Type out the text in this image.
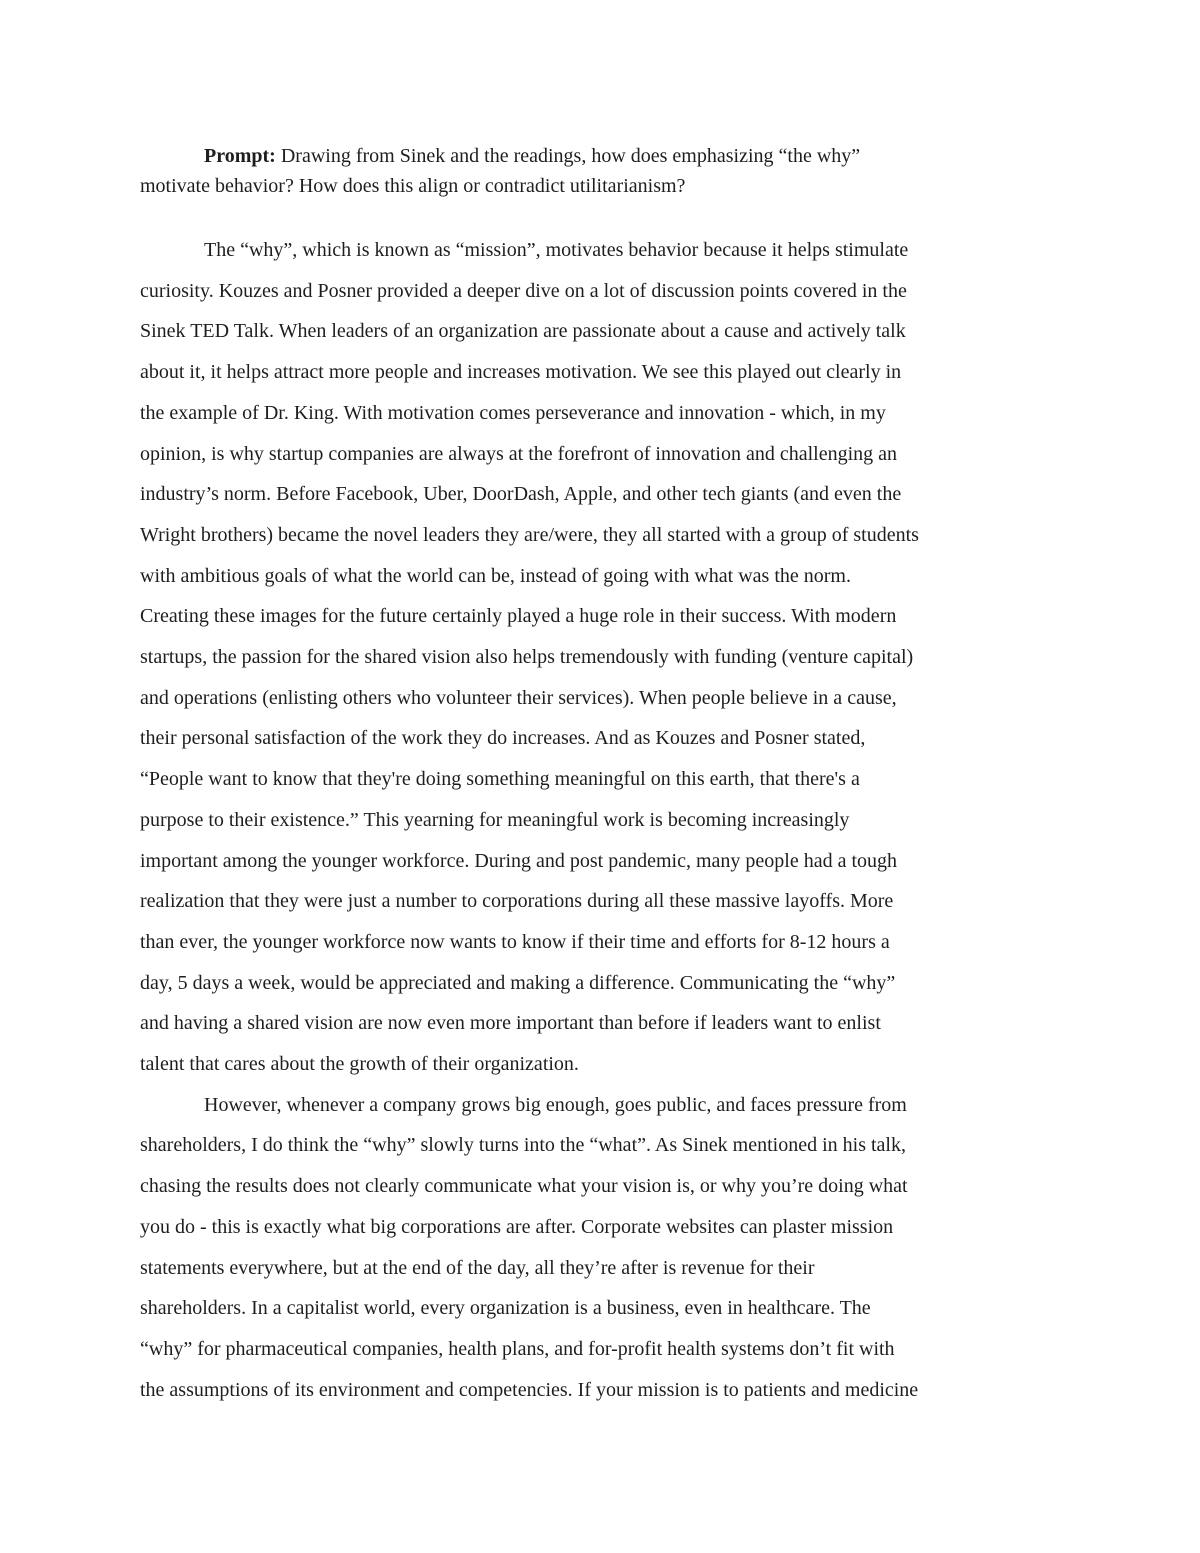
Prompt: Drawing from Sinek and the readings, how does emphasizing “the why”
motivate behavior? How does this align or contradict utilitarianism?
The “why”, which is known as “mission”, motivates behavior because it helps stimulate
curiosity. Kouzes and Posner provided a deeper dive on a lot of discussion points covered in the
Sinek TED Talk. When leaders of an organization are passionate about a cause and actively talk
about it, it helps attract more people and increases motivation. We see this played out clearly in
the example of Dr. King. With motivation comes perseverance and innovation - which, in my
opinion, is why startup companies are always at the forefront of innovation and challenging an
industry’s norm. Before Facebook, Uber, DoorDash, Apple, and other tech giants (and even the
Wright brothers) became the novel leaders they are/were, they all started with a group of students
with ambitious goals of what the world can be, instead of going with what was the norm.
Creating these images for the future certainly played a huge role in their success. With modern
startups, the passion for the shared vision also helps tremendously with funding (venture capital)
and operations (enlisting others who volunteer their services). When people believe in a cause,
their personal satisfaction of the work they do increases. And as Kouzes and Posner stated,
“People want to know that they're doing something meaningful on this earth, that there's a
purpose to their existence.” This yearning for meaningful work is becoming increasingly
important among the younger workforce. During and post pandemic, many people had a tough
realization that they were just a number to corporations during all these massive layoffs. More
than ever, the younger workforce now wants to know if their time and efforts for 8-12 hours a
day, 5 days a week, would be appreciated and making a difference. Communicating the “why”
and having a shared vision are now even more important than before if leaders want to enlist
talent that cares about the growth of their organization.
However, whenever a company grows big enough, goes public, and faces pressure from
shareholders, I do think the “why” slowly turns into the “what”. As Sinek mentioned in his talk,
chasing the results does not clearly communicate what your vision is, or why you’re doing what
you do - this is exactly what big corporations are after. Corporate websites can plaster mission
statements everywhere, but at the end of the day, all they’re after is revenue for their
shareholders. In a capitalist world, every organization is a business, even in healthcare. The
“why” for pharmaceutical companies, health plans, and for-profit health systems don’t fit with
the assumptions of its environment and competencies. If your mission is to patients and medicine
